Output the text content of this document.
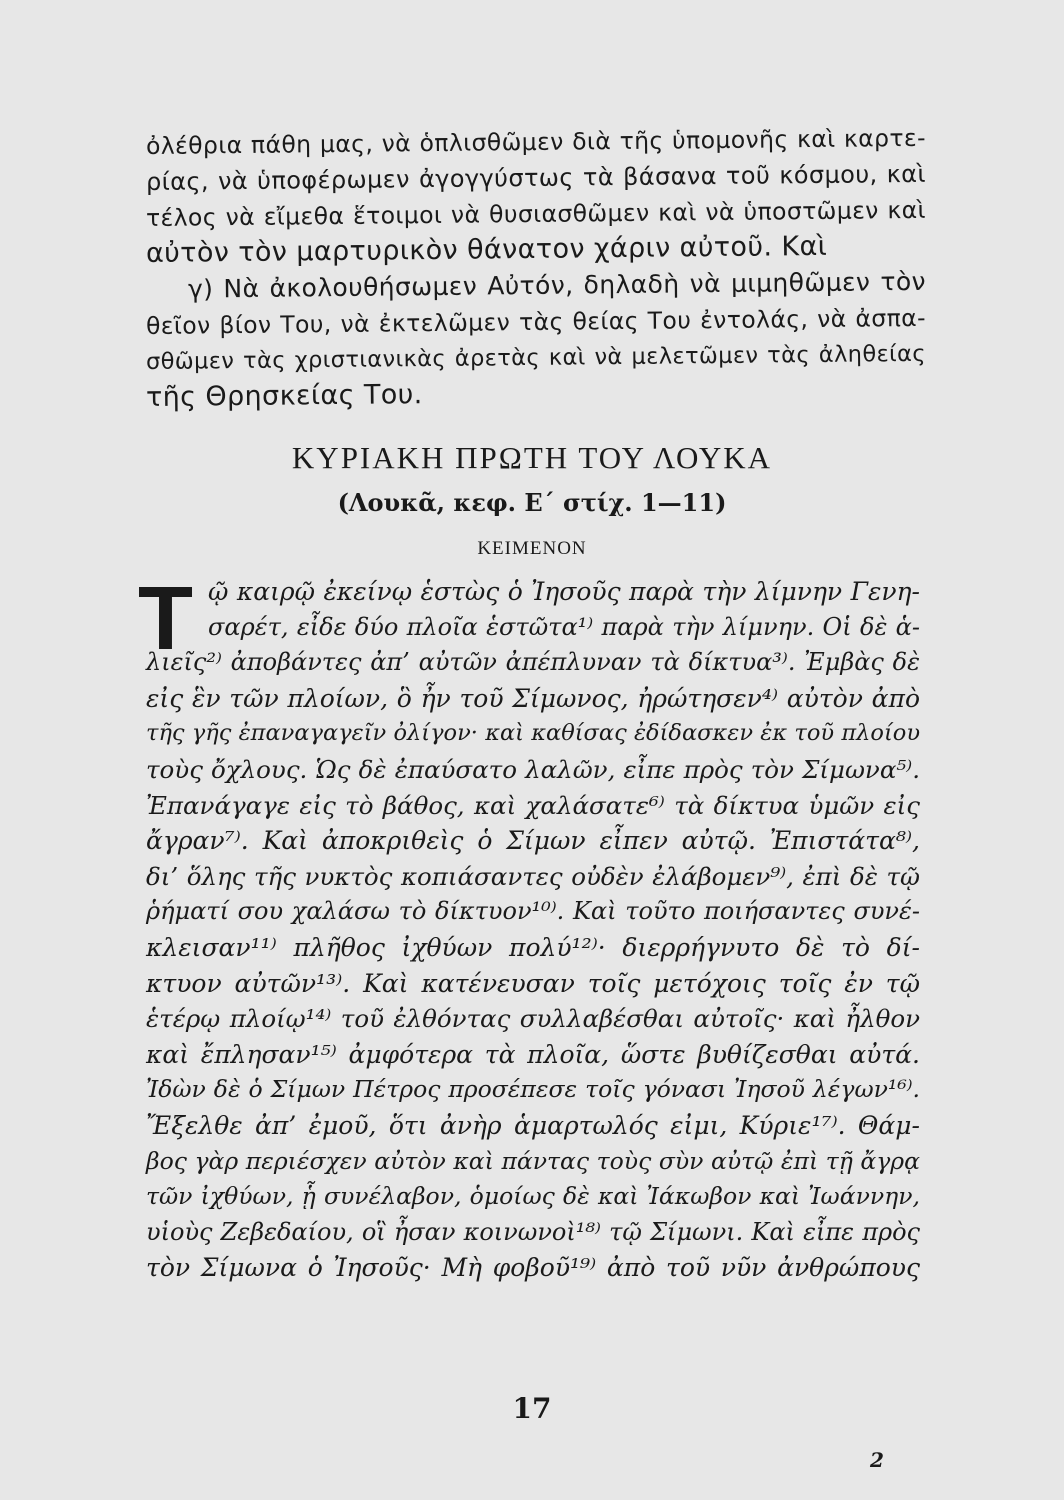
ὀλέθρια πάθη μας, νὰ ὁπλισθῶμεν διὰ τῆς ὑπομονῆς καὶ καρτε-
ρίας, νὰ ὑποφέρωμεν ἀγογγύστως τὰ βάσανα τοῦ κόσμου, καὶ
τέλος νὰ εἴμεθα ἕτοιμοι νὰ θυσιασθῶμεν καὶ νὰ ὑποστῶμεν καὶ
αὐτὸν τὸν μαρτυρικὸν θάνατον χάριν αὐτοῦ. Καὶ
γ) Νὰ ἀκολουθήσωμεν Αὐτόν, δηλαδὴ νὰ μιμηθῶμεν τὸν
θεῖον βίον Του, νὰ ἐκτελῶμεν τὰς θείας Του ἐντολάς, νὰ ἀσπα-
σθῶμεν τὰς χριστιανικὰς ἀρετὰς καὶ νὰ μελετῶμεν τὰς ἀληθείας
τῆς Θρησκείας Του.
ΚΥΡΙΑΚΗ ΠΡΩΤΗ ΤΟΥ ΛΟΥΚΑ
(Λουκᾶ, κεφ. Ε΄ στίχ. 1—11)
ΚΕΙΜΕΝΟΝ
Τ ῷ καιρῷ ἐκείνῳ ἑστὼς ὁ Ἰησοῦς παρὰ τὴν λίμνην Γενη-
σαρέτ, εἶδε δύο πλοῖα ἑστῶτα¹⁾ παρὰ τὴν λίμνην. Οἱ δὲ ἁ-
λιεῖς²⁾ ἀποβάντες ἀπ’ αὐτῶν ἀπέπλυναν τὰ δίκτυα³⁾. Ἐμβὰς δὲ
εἰς ἓν τῶν πλοίων, ὃ ἦν τοῦ Σίμωνος, ἠρώτησεν⁴⁾ αὐτὸν ἀπὸ
τῆς γῆς ἐπαναγαγεῖν ὀλίγον· καὶ καθίσας ἐδίδασκεν ἐκ τοῦ πλοίου
τοὺς ὄχλους. Ὡς δὲ ἐπαύσατο λαλῶν, εἶπε πρὸς τὸν Σίμωνα⁵⁾.
Ἐπανάγαγε εἰς τὸ βάθος, καὶ χαλάσατε⁶⁾ τὰ δίκτυα ὑμῶν εἰς
ἄγραν⁷⁾. Καὶ ἀποκριθεὶς ὁ Σίμων εἶπεν αὐτῷ. Ἐπιστάτα⁸⁾,
δι’ ὅλης τῆς νυκτὸς κοπιάσαντες οὐδὲν ἐλάβομεν⁹⁾, ἐπὶ δὲ τῷ
ῥήματί σου χαλάσω τὸ δίκτυον¹⁰⁾. Καὶ τοῦτο ποιήσαντες συνέ-
κλεισαν¹¹⁾ πλῆθος ἰχθύων πολύ¹²⁾· διερρήγνυτο δὲ τὸ δί-
κτυον αὐτῶν¹³⁾. Καὶ κατένευσαν τοῖς μετόχοις τοῖς ἐν τῷ
ἑτέρῳ πλοίῳ¹⁴⁾ τοῦ ἐλθόντας συλλαβέσθαι αὐτοῖς· καὶ ἦλθον
καὶ ἔπλησαν¹⁵⁾ ἀμφότερα τὰ πλοῖα, ὥστε βυθίζεσθαι αὐτά.
Ἰδὼν δὲ ὁ Σίμων Πέτρος προσέπεσε τοῖς γόνασι Ἰησοῦ λέγων¹⁶⁾.
Ἔξελθε ἀπ’ ἐμοῦ, ὅτι ἀνὴρ ἁμαρτωλός εἰμι, Κύριε¹⁷⁾. Θάμ-
βος γὰρ περιέσχεν αὐτὸν καὶ πάντας τοὺς σὺν αὐτῷ ἐπὶ τῇ ἄγρᾳ
τῶν ἰχθύων, ᾗ συνέλαβον, ὁμοίως δὲ καὶ Ἰάκωβον καὶ Ἰωάννην,
υἱοὺς Ζεβεδαίου, οἳ ἦσαν κοινωνοὶ¹⁸⁾ τῷ Σίμωνι. Καὶ εἶπε πρὸς
τὸν Σίμωνα ὁ Ἰησοῦς· Μὴ φοβοῦ¹⁹⁾ ἀπὸ τοῦ νῦν ἀνθρώπους
17
2
